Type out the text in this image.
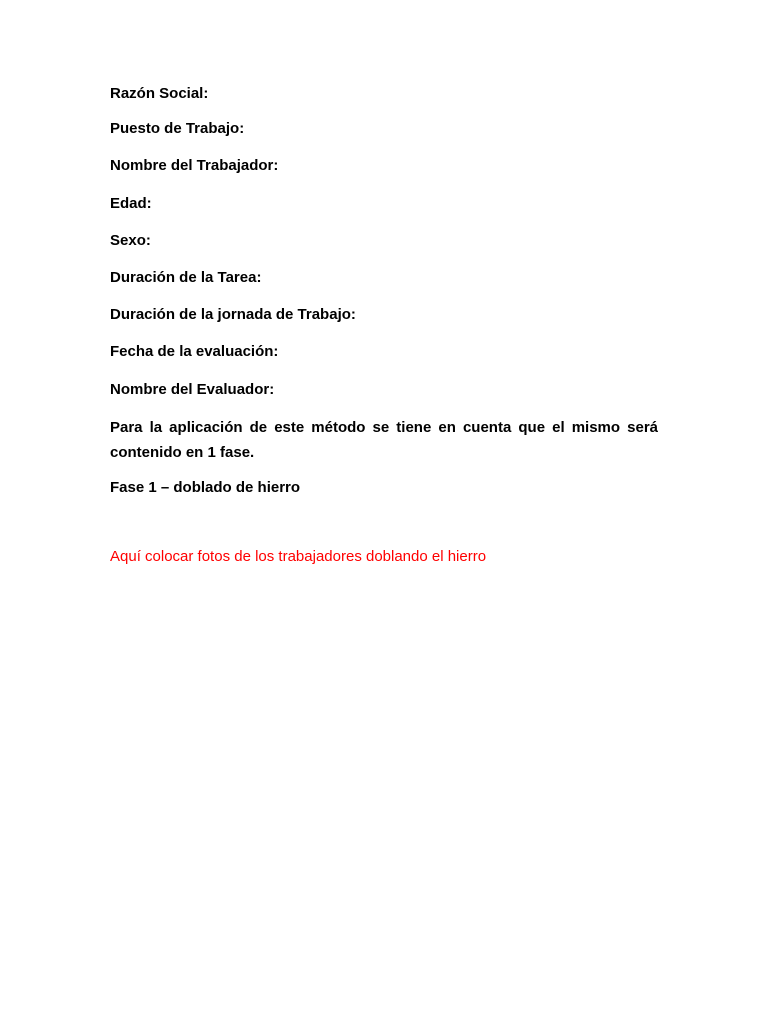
Razón Social:
Puesto de Trabajo:
Nombre del Trabajador:
Edad:
Sexo:
Duración de la Tarea:
Duración de la jornada de Trabajo:
Fecha de la evaluación:
Nombre del Evaluador:
Para la aplicación de este método se tiene en cuenta que el mismo será contenido en 1 fase.
Fase 1 – doblado de hierro
Aquí colocar fotos de los trabajadores doblando el hierro
